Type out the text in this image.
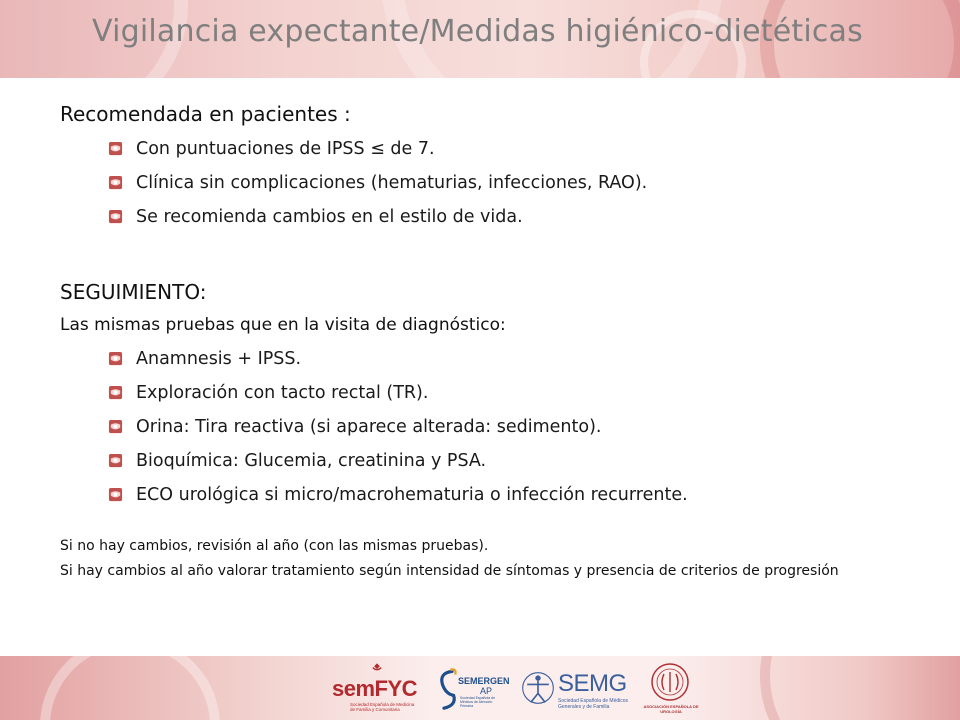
Vigilancia expectante/Medidas higiénico-dietéticas

Recomendada en pacientes :

Con puntuaciones de IPSS ≤ de 7.
Clínica sin complicaciones (hematurias, infecciones, RAO).
Se recomienda cambios en el estilo de vida.

SEGUIMIENTO:

Las mismas pruebas que en la visita de diagnóstico:

Anamnesis + IPSS.
Exploración con tacto rectal (TR).
Orina: Tira reactiva (si aparece alterada: sedimento).
Bioquímica: Glucemia, creatinina y PSA.
ECO urológica si micro/macrohematuria o infección recurrente.

Si no hay cambios, revisión al año (con las mismas pruebas).

Si hay cambios al año valorar tratamiento según intensidad de síntomas y presencia de criterios de progresión

semFYC
Sociedad Española de Medicina de Familia y Comunitaria
SEMERGEN
AP
Sociedad Española de Médicos de Atención Primaria
SEMG
Sociedad Española de Médicos Generales y de Familia	ASOCIACIÓN ESPAÑOLA DE UROLOGÍA
